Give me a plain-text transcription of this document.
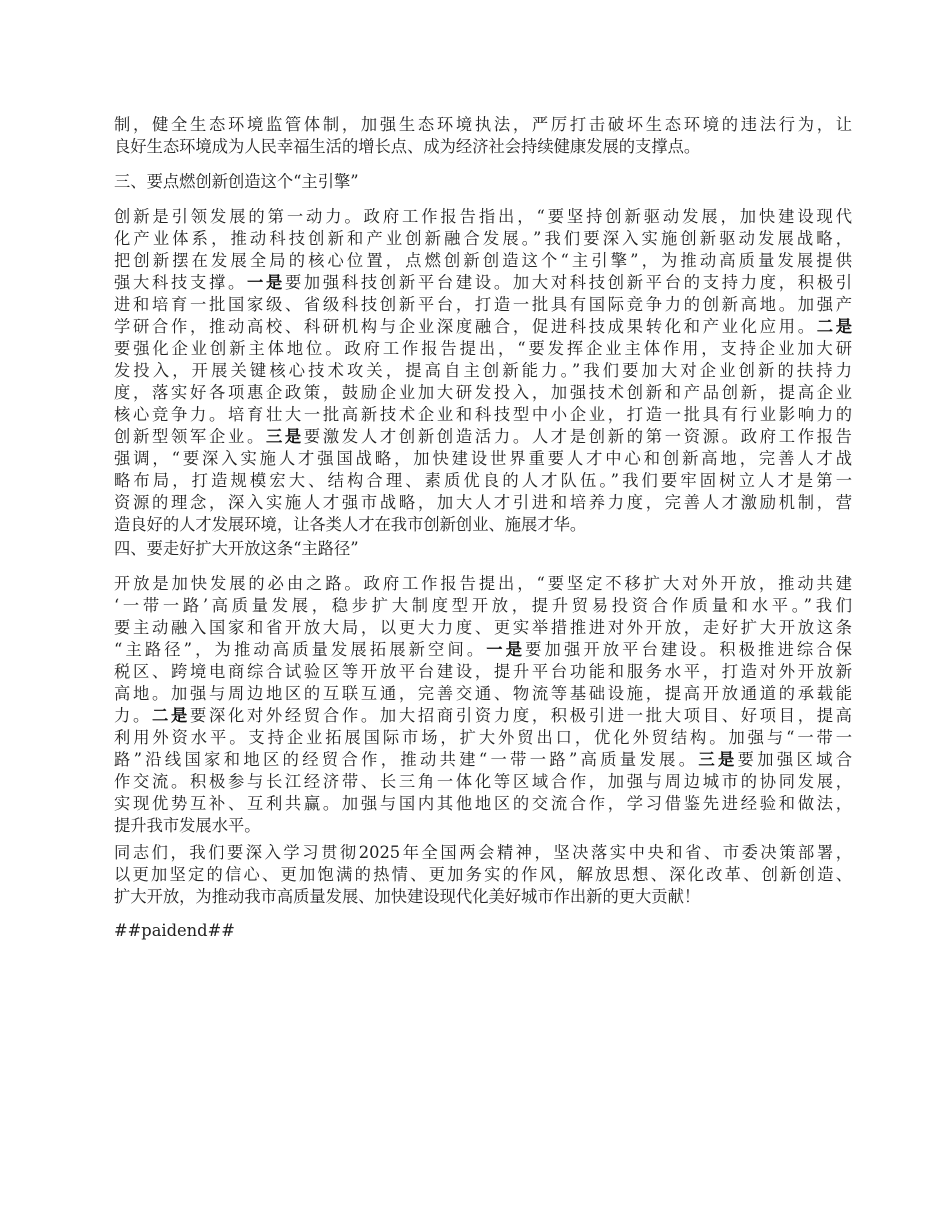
制，健全生态环境监管体制，加强生态环境执法，严厉打击破坏生态环境的违法行为，让
良好生态环境成为人民幸福生活的增长点、成为经济社会持续健康发展的支撑点。
三、要点燃创新创造这个“主引擎”
创新是引领发展的第一动力。政府工作报告指出，“要坚持创新驱动发展，加快建设现代
化产业体系，推动科技创新和产业创新融合发展。”我们要深入实施创新驱动发展战略，
把创新摆在发展全局的核心位置，点燃创新创造这个“主引擎”，为推动高质量发展提供
强大科技支撑。一是要加强科技创新平台建设。加大对科技创新平台的支持力度，积极引
进和培育一批国家级、省级科技创新平台，打造一批具有国际竞争力的创新高地。加强产
学研合作，推动高校、科研机构与企业深度融合，促进科技成果转化和产业化应用。二是
要强化企业创新主体地位。政府工作报告提出，“要发挥企业主体作用，支持企业加大研
发投入，开展关键核心技术攻关，提高自主创新能力。”我们要加大对企业创新的扶持力
度，落实好各项惠企政策，鼓励企业加大研发投入，加强技术创新和产品创新，提高企业
核心竞争力。培育壮大一批高新技术企业和科技型中小企业，打造一批具有行业影响力的
创新型领军企业。三是要激发人才创新创造活力。人才是创新的第一资源。政府工作报告
强调，“要深入实施人才强国战略，加快建设世界重要人才中心和创新高地，完善人才战
略布局，打造规模宏大、结构合理、素质优良的人才队伍。”我们要牢固树立人才是第一
资源的理念，深入实施人才强市战略，加大人才引进和培养力度，完善人才激励机制，营
造良好的人才发展环境，让各类人才在我市创新创业、施展才华。
四、要走好扩大开放这条“主路径”
开放是加快发展的必由之路。政府工作报告提出，“要坚定不移扩大对外开放，推动共建
‘一带一路’高质量发展，稳步扩大制度型开放，提升贸易投资合作质量和水平。”我们
要主动融入国家和省开放大局，以更大力度、更实举措推进对外开放，走好扩大开放这条
“主路径”，为推动高质量发展拓展新空间。一是要加强开放平台建设。积极推进综合保
税区、跨境电商综合试验区等开放平台建设，提升平台功能和服务水平，打造对外开放新
高地。加强与周边地区的互联互通，完善交通、物流等基础设施，提高开放通道的承载能
力。二是要深化对外经贸合作。加大招商引资力度，积极引进一批大项目、好项目，提高
利用外资水平。支持企业拓展国际市场，扩大外贸出口，优化外贸结构。加强与“一带一
路”沿线国家和地区的经贸合作，推动共建“一带一路”高质量发展。三是要加强区域合
作交流。积极参与长江经济带、长三角一体化等区域合作，加强与周边城市的协同发展，
实现优势互补、互利共赢。加强与国内其他地区的交流合作，学习借鉴先进经验和做法，
提升我市发展水平。
同志们，我们要深入学习贯彻2025年全国两会精神，坚决落实中央和省、市委决策部署，
以更加坚定的信心、更加饱满的热情、更加务实的作风，解放思想、深化改革、创新创造、
扩大开放，为推动我市高质量发展、加快建设现代化美好城市作出新的更大贡献！
##paidend##
